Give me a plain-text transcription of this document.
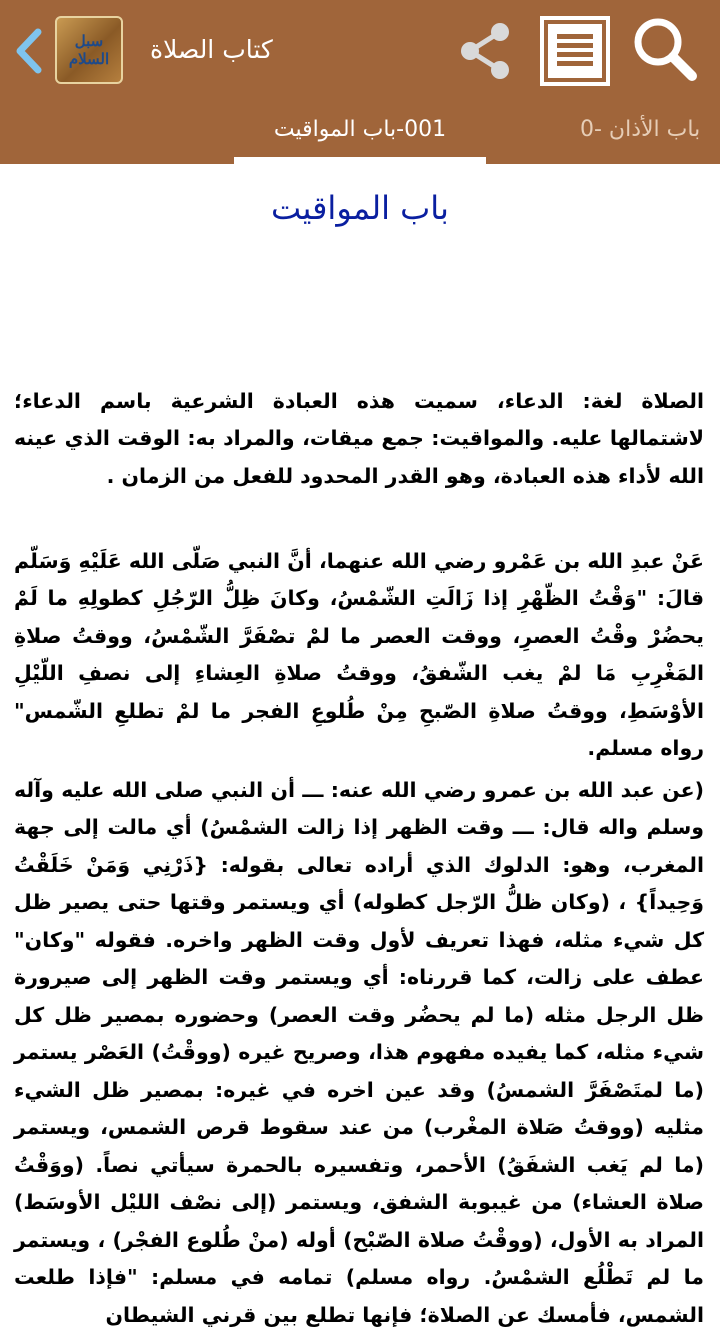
سبل
السلام كتاب الصلاة
001-باب المواقيت	باب الأذان -0
باب المواقيت

الصلاة لغة: الدعاء، سميت هذه العبادة الشرعية باسم الدعاء؛ لاشتمالها عليه. والمواقيت: جمع ميقات، والمراد به: الوقت الذي عينه الله لأداء هذه العبادة، وهو القدر المحدود للفعل من الزمان .

عَنْ عبدِ الله بن عَمْرو رضي الله عنهما، أنَّ النبي صَلّى الله عَلَيْهِ وَسَلّم قالَ: "وَقْتُ الظّهْرِ إذا زَالَتِ الشّمْسُ، وكانَ ظِلُّ الرّجُلِ كطولِهِ ما لَمْ يحضُرْ وقْتُ العصرِ، ووقت العصر ما لمْ تصْفَرَّ الشّمْسُ، ووقتُ صلاةِ المَغْرِبِ مَا لمْ يغب الشّفقُ، ووقتُ صلاةِ العِشاءِ إلى نصفِ اللّيْلِ الأوْسَطِ، ووقتُ صلاةِ الصّبحِ مِنْ طُلوعِ الفجر ما لمْ تطلعِ الشّمس" رواه مسلم.

(عن عبد الله بن عمرو رضي الله عنه: ـــ أن النبي صلى الله عليه وآله وسلم واله قال: ـــ وقت الظهر إذا زالت الشمْسُ) أي مالت إلى جهة المغرب، وهو: الدلوك الذي أراده تعالى بقوله: {ذَرْنِي وَمَنْ خَلَقْتُ وَحِيداً} ، (وكان ظلُّ الرّجل كطوله) أي ويستمر وقتها حتى يصير ظل كل شيء مثله، فهذا تعريف لأول وقت الظهر واخره. فقوله "وكان" عطف على زالت، كما قررناه: أي ويستمر وقت الظهر إلى صيرورة ظل الرجل مثله (ما لم يحضُر وقت العصر) وحضوره بمصير ظل كل شيء مثله، كما يفيده مفهوم هذا، وصريح غيره (ووقْتُ) العَصْر يستمر (ما لمتَصْفَرَّ الشمسُ) وقد عين اخره في غيره: بمصير ظل الشيء مثليه (ووقتُ صَلاة المغْرب) من عند سقوط قرص الشمس، ويستمر (ما لم يَغب الشفَقُ) الأحمر، وتفسيره بالحمرة سيأتي نصاً. (ووَقْتُ صلاة العشاء) من غيبوبة الشفق، ويستمر (إلى نصْف الليْل الأوسَط) المراد به الأول، (ووقْتُ صلاة الصّبْح) أوله (منْ طُلوع الفجْر) ، ويستمر ما لم تَطْلُع الشمْسُ. رواه مسلم) تمامه في مسلم: "فإذا طلعت الشمس، فأمسك عن الصلاة؛ فإنها تطلع بين قرني الشيطان
